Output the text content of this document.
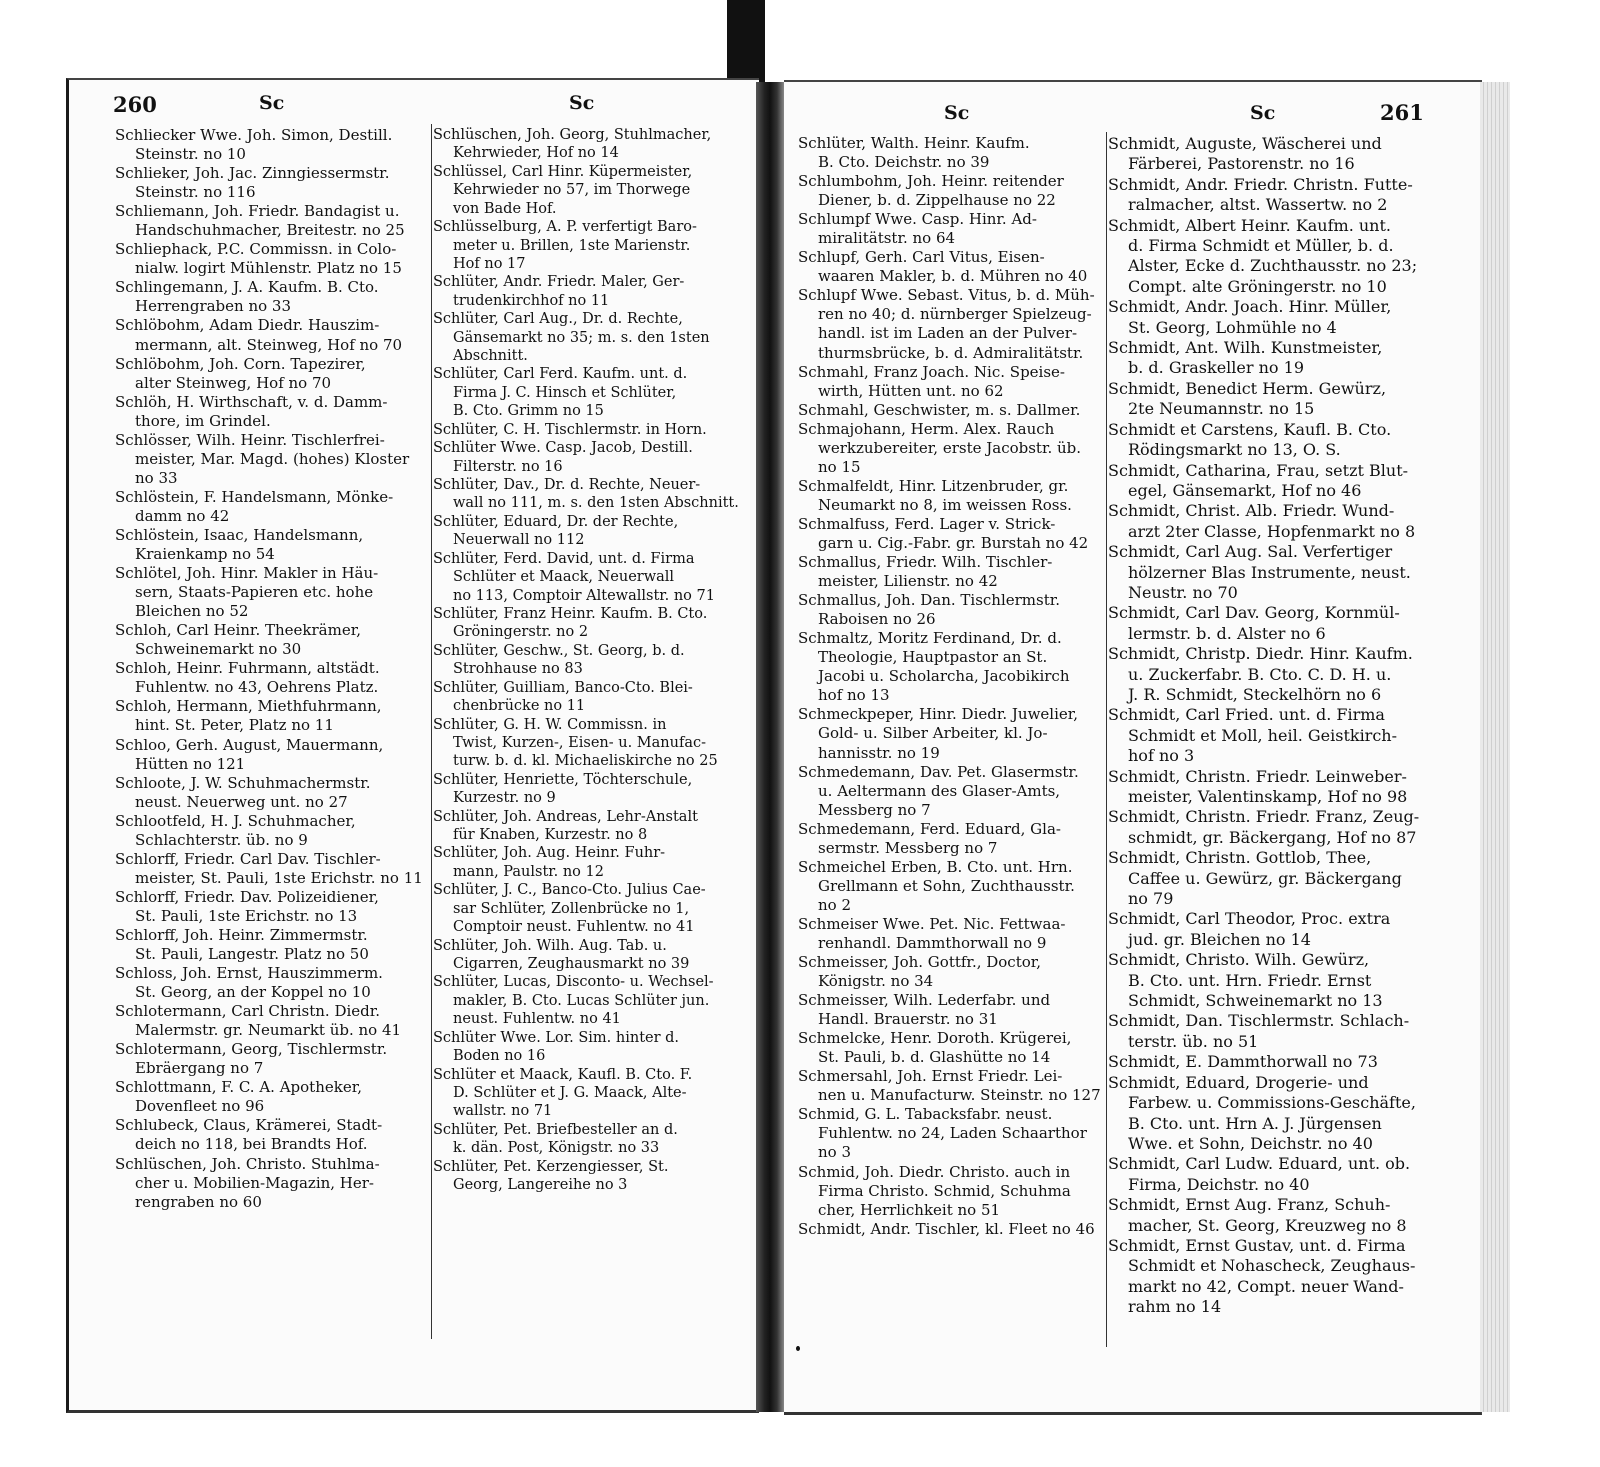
260	Sc	Sc
Schliecker Wwe. Joh. Simon, Destill.
Steinstr. no 10
Schlieker, Joh. Jac. Zinngiessermstr.
Steinstr. no 116
Schliemann, Joh. Friedr. Bandagist u.
Handschuhmacher, Breitestr. no 25
Schliephack, P.C. Commissn. in Colo-
nialw. logirt Mühlenstr. Platz no 15
Schlingemann, J. A. Kaufm. B. Cto.
Herrengraben no 33
Schlöbohm, Adam Diedr. Hauszim-
mermann, alt. Steinweg, Hof no 70
Schlöbohm, Joh. Corn. Tapezirer,
alter Steinweg, Hof no 70
Schlöh, H. Wirthschaft, v. d. Damm-
thore, im Grindel.
Schlösser, Wilh. Heinr. Tischlerfrei-
meister, Mar. Magd. (hohes) Kloster
no 33
Schlöstein, F. Handelsmann, Mönke-
damm no 42
Schlöstein, Isaac, Handelsmann,
Kraienkamp no 54
Schlötel, Joh. Hinr. Makler in Häu-
sern, Staats-Papieren etc. hohe
Bleichen no 52
Schloh, Carl Heinr. Theekrämer,
Schweinemarkt no 30
Schloh, Heinr. Fuhrmann, altstädt.
Fuhlentw. no 43, Oehrens Platz.
Schloh, Hermann, Miethfuhrmann,
hint. St. Peter, Platz no 11
Schloo, Gerh. August, Mauermann,
Hütten no 121
Schloote, J. W. Schuhmachermstr.
neust. Neuerweg unt. no 27
Schlootfeld, H. J. Schuhmacher,
Schlachterstr. üb. no 9
Schlorff, Friedr. Carl Dav. Tischler-
meister, St. Pauli, 1ste Erichstr. no 11
Schlorff, Friedr. Dav. Polizeidiener,
St. Pauli, 1ste Erichstr. no 13
Schlorff, Joh. Heinr. Zimmermstr.
St. Pauli, Langestr. Platz no 50
Schloss, Joh. Ernst, Hauszimmerm.
St. Georg, an der Koppel no 10
Schlotermann, Carl Christn. Diedr.
Malermstr. gr. Neumarkt üb. no 41
Schlotermann, Georg, Tischlermstr.
Ebräergang no 7
Schlottmann, F. C. A. Apotheker,
Dovenfleet no 96
Schlubeck, Claus, Krämerei, Stadt-
deich no 118, bei Brandts Hof.
Schlüschen, Joh. Christo. Stuhlma-
cher u. Mobilien-Magazin, Her-
rengraben no 60
Schlüschen, Joh. Georg, Stuhlmacher,
Kehrwieder, Hof no 14
Schlüssel, Carl Hinr. Küpermeister,
Kehrwieder no 57, im Thorwege
von Bade Hof.
Schlüsselburg, A. P. verfertigt Baro-
meter u. Brillen, 1ste Marienstr.
Hof no 17
Schlüter, Andr. Friedr. Maler, Ger-
trudenkirchhof no 11
Schlüter, Carl Aug., Dr. d. Rechte,
Gänsemarkt no 35; m. s. den 1sten
Abschnitt.
Schlüter, Carl Ferd. Kaufm. unt. d.
Firma J. C. Hinsch et Schlüter,
B. Cto. Grimm no 15
Schlüter, C. H. Tischlermstr. in Horn.
Schlüter Wwe. Casp. Jacob, Destill.
Filterstr. no 16
Schlüter, Dav., Dr. d. Rechte, Neuer-
wall no 111, m. s. den 1sten Abschnitt.
Schlüter, Eduard, Dr. der Rechte,
Neuerwall no 112
Schlüter, Ferd. David, unt. d. Firma
Schlüter et Maack, Neuerwall
no 113, Comptoir Altewallstr. no 71
Schlüter, Franz Heinr. Kaufm. B. Cto.
Gröningerstr. no 2
Schlüter, Geschw., St. Georg, b. d.
Strohhause no 83
Schlüter, Guilliam, Banco-Cto. Blei-
chenbrücke no 11
Schlüter, G. H. W. Commissn. in
Twist, Kurzen-, Eisen- u. Manufac-
turw. b. d. kl. Michaeliskirche no 25
Schlüter, Henriette, Töchterschule,
Kurzestr. no 9
Schlüter, Joh. Andreas, Lehr-Anstalt
für Knaben, Kurzestr. no 8
Schlüter, Joh. Aug. Heinr. Fuhr-
mann, Paulstr. no 12
Schlüter, J. C., Banco-Cto. Julius Cae-
sar Schlüter, Zollenbrücke no 1,
Comptoir neust. Fuhlentw. no 41
Schlüter, Joh. Wilh. Aug. Tab. u.
Cigarren, Zeughausmarkt no 39
Schlüter, Lucas, Disconto- u. Wechsel-
makler, B. Cto. Lucas Schlüter jun.
neust. Fuhlentw. no 41
Schlüter Wwe. Lor. Sim. hinter d.
Boden no 16
Schlüter et Maack, Kaufl. B. Cto. F.
D. Schlüter et J. G. Maack, Alte-
wallstr. no 71
Schlüter, Pet. Briefbesteller an d.
k. dän. Post, Königstr. no 33
Schlüter, Pet. Kerzengiesser, St.
Georg, Langereihe no 3
Sc	Sc	261
Schlüter, Walth. Heinr. Kaufm.
B. Cto. Deichstr. no 39
Schlumbohm, Joh. Heinr. reitender
Diener, b. d. Zippelhause no 22
Schlumpf Wwe. Casp. Hinr. Ad-
miralitätstr. no 64
Schlupf, Gerh. Carl Vitus, Eisen-
waaren Makler, b. d. Mühren no 40
Schlupf Wwe. Sebast. Vitus, b. d. Müh-
ren no 40; d. nürnberger Spielzeug-
handl. ist im Laden an der Pulver-
thurmsbrücke, b. d. Admiralitätstr.
Schmahl, Franz Joach. Nic. Speise-
wirth, Hütten unt. no 62
Schmahl, Geschwister, m. s. Dallmer.
Schmajohann, Herm. Alex. Rauch
werkzubereiter, erste Jacobstr. üb.
no 15
Schmalfeldt, Hinr. Litzenbruder, gr.
Neumarkt no 8, im weissen Ross.
Schmalfuss, Ferd. Lager v. Strick-
garn u. Cig.-Fabr. gr. Burstah no 42
Schmallus, Friedr. Wilh. Tischler-
meister, Lilienstr. no 42
Schmallus, Joh. Dan. Tischlermstr.
Raboisen no 26
Schmaltz, Moritz Ferdinand, Dr. d.
Theologie, Hauptpastor an St.
Jacobi u. Scholarcha, Jacobikirch
hof no 13
Schmeckpeper, Hinr. Diedr. Juwelier,
Gold- u. Silber Arbeiter, kl. Jo-
hannisstr. no 19
Schmedemann, Dav. Pet. Glasermstr.
u. Aeltermann des Glaser-Amts,
Messberg no 7
Schmedemann, Ferd. Eduard, Gla-
sermstr. Messberg no 7
Schmeichel Erben, B. Cto. unt. Hrn.
Grellmann et Sohn, Zuchthausstr.
no 2
Schmeiser Wwe. Pet. Nic. Fettwaa-
renhandl. Dammthorwall no 9
Schmeisser, Joh. Gottfr., Doctor,
Königstr. no 34
Schmeisser, Wilh. Lederfabr. und
Handl. Brauerstr. no 31
Schmelcke, Henr. Doroth. Krügerei,
St. Pauli, b. d. Glashütte no 14
Schmersahl, Joh. Ernst Friedr. Lei-
nen u. Manufacturw. Steinstr. no 127
Schmid, G. L. Tabacksfabr. neust.
Fuhlentw. no 24, Laden Schaarthor
no 3
Schmid, Joh. Diedr. Christo. auch in
Firma Christo. Schmid, Schuhma
cher, Herrlichkeit no 51
Schmidt, Andr. Tischler, kl. Fleet no 46
Schmidt, Auguste, Wäscherei und
Färberei, Pastorenstr. no 16
Schmidt, Andr. Friedr. Christn. Futte-
ralmacher, altst. Wassertw. no 2
Schmidt, Albert Heinr. Kaufm. unt.
d. Firma Schmidt et Müller, b. d.
Alster, Ecke d. Zuchthausstr. no 23;
Compt. alte Gröningerstr. no 10
Schmidt, Andr. Joach. Hinr. Müller,
St. Georg, Lohmühle no 4
Schmidt, Ant. Wilh. Kunstmeister,
b. d. Graskeller no 19
Schmidt, Benedict Herm. Gewürz,
2te Neumannstr. no 15
Schmidt et Carstens, Kaufl. B. Cto.
Rödingsmarkt no 13, O. S.
Schmidt, Catharina, Frau, setzt Blut-
egel, Gänsemarkt, Hof no 46
Schmidt, Christ. Alb. Friedr. Wund-
arzt 2ter Classe, Hopfenmarkt no 8
Schmidt, Carl Aug. Sal. Verfertiger
hölzerner Blas Instrumente, neust.
Neustr. no 70
Schmidt, Carl Dav. Georg, Kornmül-
lermstr. b. d. Alster no 6
Schmidt, Christp. Diedr. Hinr. Kaufm.
u. Zuckerfabr. B. Cto. C. D. H. u.
J. R. Schmidt, Steckelhörn no 6
Schmidt, Carl Fried. unt. d. Firma
Schmidt et Moll, heil. Geistkirch-
hof no 3
Schmidt, Christn. Friedr. Leinweber-
meister, Valentinskamp, Hof no 98
Schmidt, Christn. Friedr. Franz, Zeug-
schmidt, gr. Bäckergang, Hof no 87
Schmidt, Christn. Gottlob, Thee,
Caffee u. Gewürz, gr. Bäckergang
no 79
Schmidt, Carl Theodor, Proc. extra
jud. gr. Bleichen no 14
Schmidt, Christo. Wilh. Gewürz,
B. Cto. unt. Hrn. Friedr. Ernst
Schmidt, Schweinemarkt no 13
Schmidt, Dan. Tischlermstr. Schlach-
terstr. üb. no 51
Schmidt, E. Dammthorwall no 73
Schmidt, Eduard, Drogerie- und
Farbew. u. Commissions-Geschäfte,
B. Cto. unt. Hrn A. J. Jürgensen
Wwe. et Sohn, Deichstr. no 40
Schmidt, Carl Ludw. Eduard, unt. ob.
Firma, Deichstr. no 40
Schmidt, Ernst Aug. Franz, Schuh-
macher, St. Georg, Kreuzweg no 8
Schmidt, Ernst Gustav, unt. d. Firma
Schmidt et Nohascheck, Zeughaus-
markt no 42, Compt. neuer Wand-
rahm no 14
